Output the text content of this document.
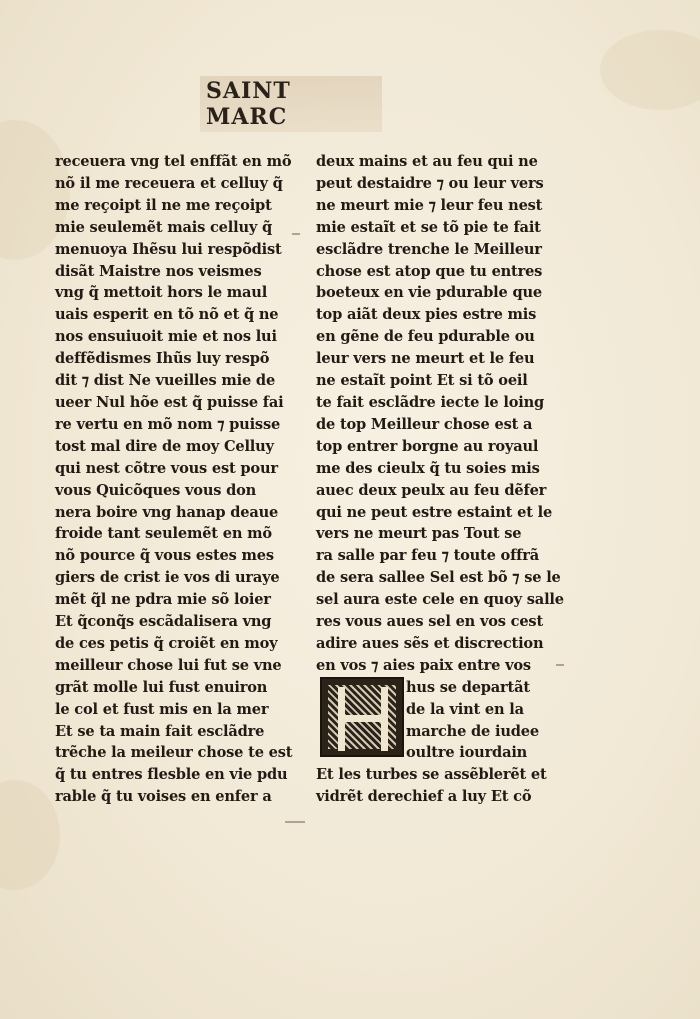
SAINT MARC
receuera vng tel enffãt en mõ
nõ il me receuera et celluy q̃
me reçoipt il ne me reçoipt
mie seulemẽt mais celluy q̃
menuoya Ihẽsu lui respõdist
disãt Maistre nos veismes
vng q̃ mettoit hors le maul
uais esperit en tõ nõ et q̃ ne
nos ensuiuoit mie et nos lui
deffẽdismes Ihũs luy respõ
dit ⁊ dist Ne vueilles mie de
ueer Nul hõe est q̃ puisse fai
re vertu en mõ nom ⁊ puisse
tost mal dire de moy Celluy
qui nest cõtre vous est pour
vous Quicõques vous don
nera boire vng hanap deaue
froide tant seulemẽt en mõ
nõ pource q̃ vous estes mes
giers de crist ie vos di uraye
mẽt q̃l ne pdra mie sõ loier
Et q̃conq̃s escãdalisera vng
de ces petis q̃ croiẽt en moy
meilleur chose lui fut se vne
grãt molle lui fust enuiron
le col et fust mis en la mer
Et se ta main fait esclãdre
trẽche la meileur chose te est
q̃ tu entres flesble en vie pdu
rable q̃ tu voises en enfer a
deux mains et au feu qui ne
peut destaidre ⁊ ou leur vers
ne meurt mie ⁊ leur feu nest
mie estaĩt et se tõ pie te fait
esclãdre trenche le Meilleur
chose est atop que tu entres
boeteux en vie pdurable que
top aiãt deux pies estre mis
en gẽne de feu pdurable ou
leur vers ne meurt et le feu
ne estaĩt point Et si tõ oeil
te fait esclãdre iecte le loing
de top Meilleur chose est a
top entrer borgne au royaul
me des cieulx q̃ tu soies mis
auec deux peulx au feu dẽfer
qui ne peut estre estaint et le
vers ne meurt pas Tout se
ra salle par feu ⁊ toute offrã
de sera sallee Sel est bõ ⁊ se le
sel aura este cele en quoy salle
res vous aues sel en vos cest
adire aues sẽs et discrection
en vos ⁊ aies paix entre vos
hus se departãt
de la vint en la
marche de iudee
oultre iourdain
Et les turbes se assẽblerẽt et
vidrẽt derechief a luy Et cõ
